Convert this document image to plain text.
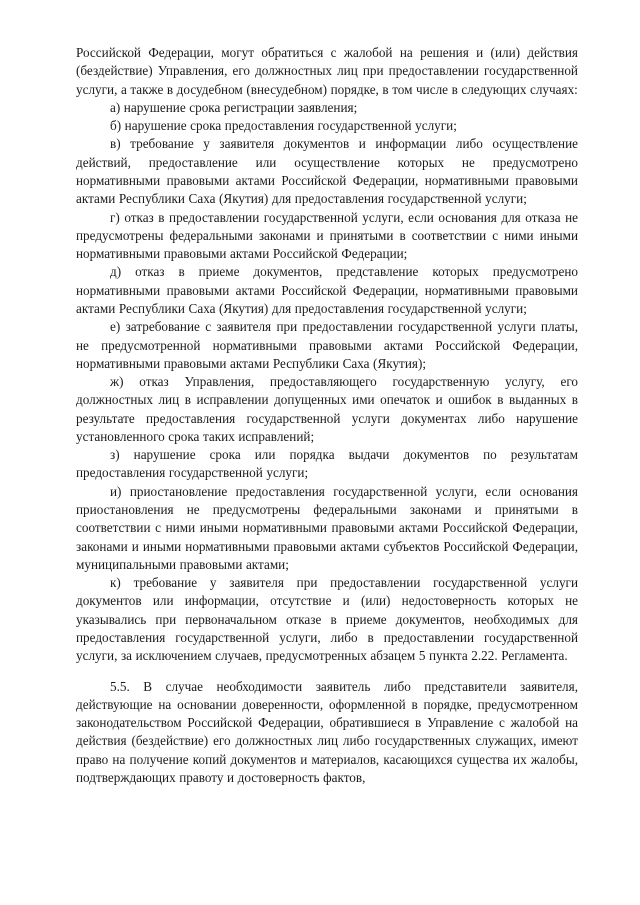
Российской Федерации, могут обратиться с жалобой на решения и (или) действия (бездействие) Управления, его должностных лиц при предоставлении государственной услуги, а также в досудебном (внесудебном) порядке, в том числе в следующих случаях:

а) нарушение срока регистрации заявления;

б) нарушение срока предоставления государственной услуги;

в) требование у заявителя документов и информации либо осуществление действий, предоставление или осуществление которых не предусмотрено нормативными правовыми актами Российской Федерации, нормативными правовыми актами Республики Саха (Якутия) для предоставления государственной услуги;

г) отказ в предоставлении государственной услуги, если основания для отказа не предусмотрены федеральными законами и принятыми в соответствии с ними иными нормативными правовыми актами Российской Федерации;

д) отказ в приеме документов, представление которых предусмотрено нормативными правовыми актами Российской Федерации, нормативными правовыми актами Республики Саха (Якутия) для предоставления государственной услуги;

е) затребование с заявителя при предоставлении государственной услуги платы, не предусмотренной нормативными правовыми актами Российской Федерации, нормативными правовыми актами Республики Саха (Якутия);

ж) отказ Управления, предоставляющего государственную услугу, его должностных лиц в исправлении допущенных ими опечаток и ошибок в выданных в результате предоставления государственной услуги документах либо нарушение установленного срока таких исправлений;

з) нарушение срока или порядка выдачи документов по результатам предоставления государственной услуги;

и) приостановление предоставления государственной услуги, если основания приостановления не предусмотрены федеральными законами и принятыми в соответствии с ними иными нормативными правовыми актами Российской Федерации, законами и иными нормативными правовыми актами субъектов Российской Федерации, муниципальными правовыми актами;

к) требование у заявителя при предоставлении государственной услуги документов или информации, отсутствие и (или) недостоверность которых не указывались при первоначальном отказе в приеме документов, необходимых для предоставления государственной услуги, либо в предоставлении государственной услуги, за исключением случаев, предусмотренных абзацем 5 пункта 2.22. Регламента.

5.5. В случае необходимости заявитель либо представители заявителя, действующие на основании доверенности, оформленной в порядке, предусмотренном законодательством Российской Федерации, обратившиеся в Управление с жалобой на действия (бездействие) его должностных лиц либо государственных служащих, имеют право на получение копий документов и материалов, касающихся существа их жалобы, подтверждающих правоту и достоверность фактов,
